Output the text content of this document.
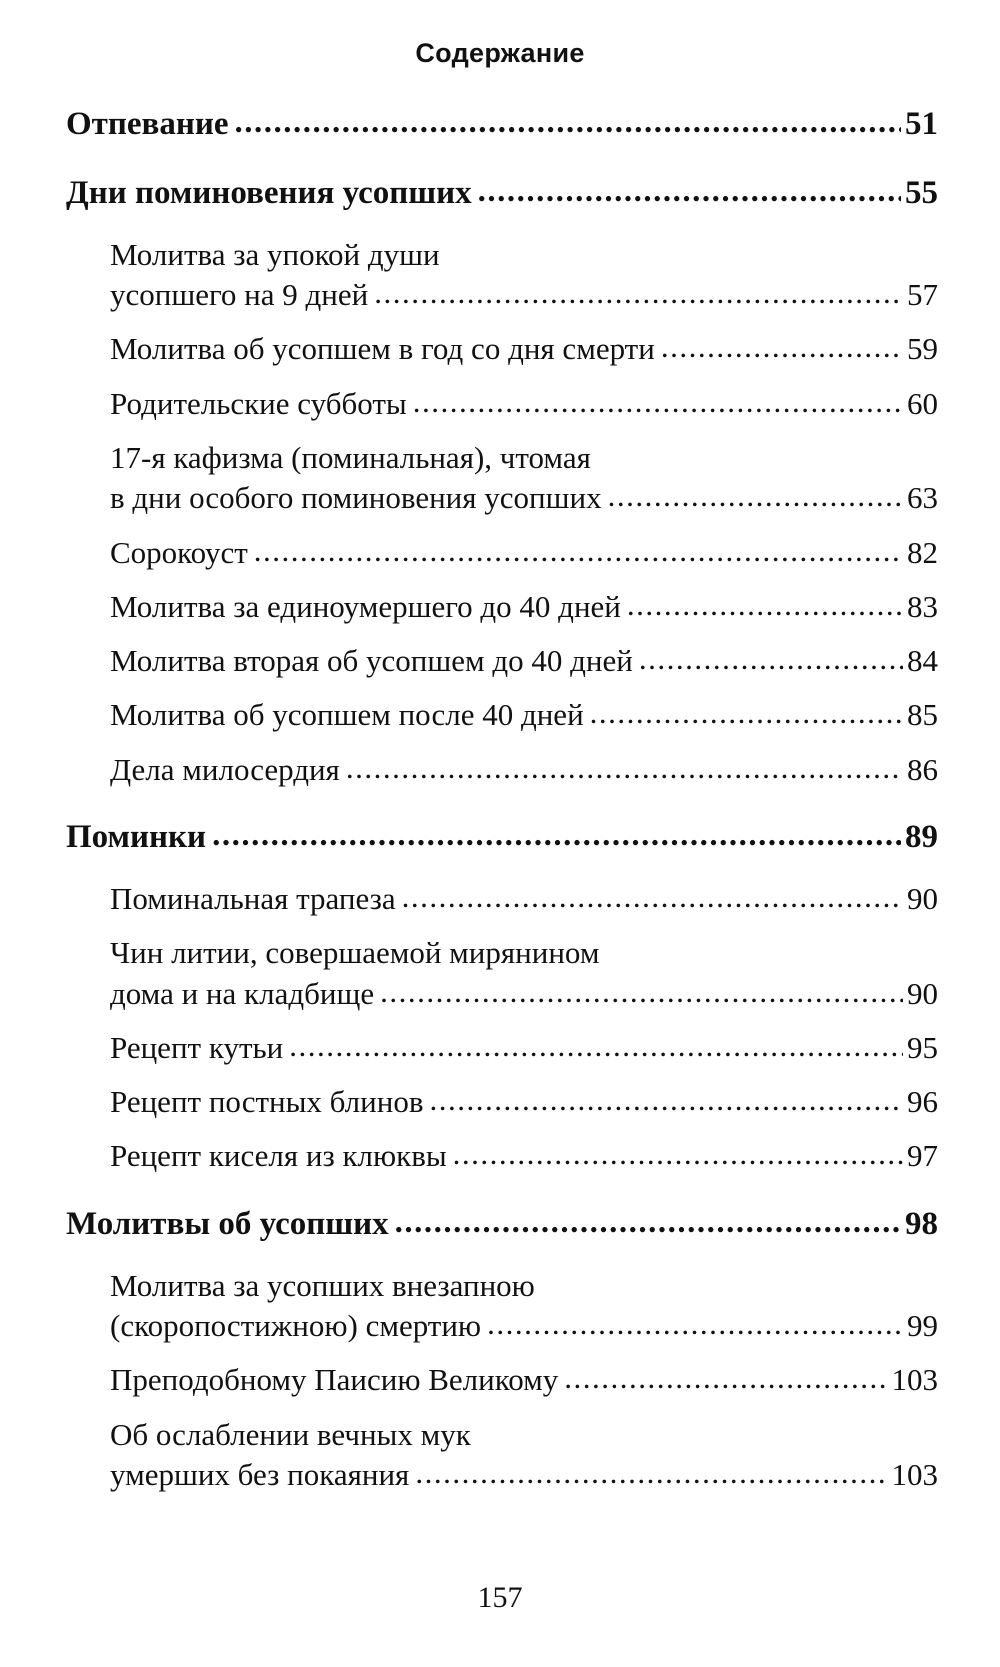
Содержание
Отпевание .....	51
Дни поминовения усопших .....	55
Молитва за упокой души
усопшего на 9 дней .....	57
Молитва об усопшем в год со дня смерти .....	59
Родительские субботы .....	60
17-я кафизма (поминальная), чтомая
в дни особого поминовения усопших .....	63
Сорокоуст .....	82
Молитва за единоумершего до 40 дней .....	83
Молитва вторая об усопшем до 40 дней .....	84
Молитва об усопшем после 40 дней .....	85
Дела милосердия .....	86
Поминки .....	89
Поминальная трапеза .....	90
Чин литии, совершаемой мирянином
дома и на кладбище .....	90
Рецепт кутьи .....	95
Рецепт постных блинов .....	96
Рецепт киселя из клюквы .....	97
Молитвы об усопших .....	98
Молитва за усопших внезапною
(скоропостижною) смертию .....	99
Преподобному Паисию Великому .....	103
Об ослаблении вечных мук
умерших без покаяния .....	103
157
